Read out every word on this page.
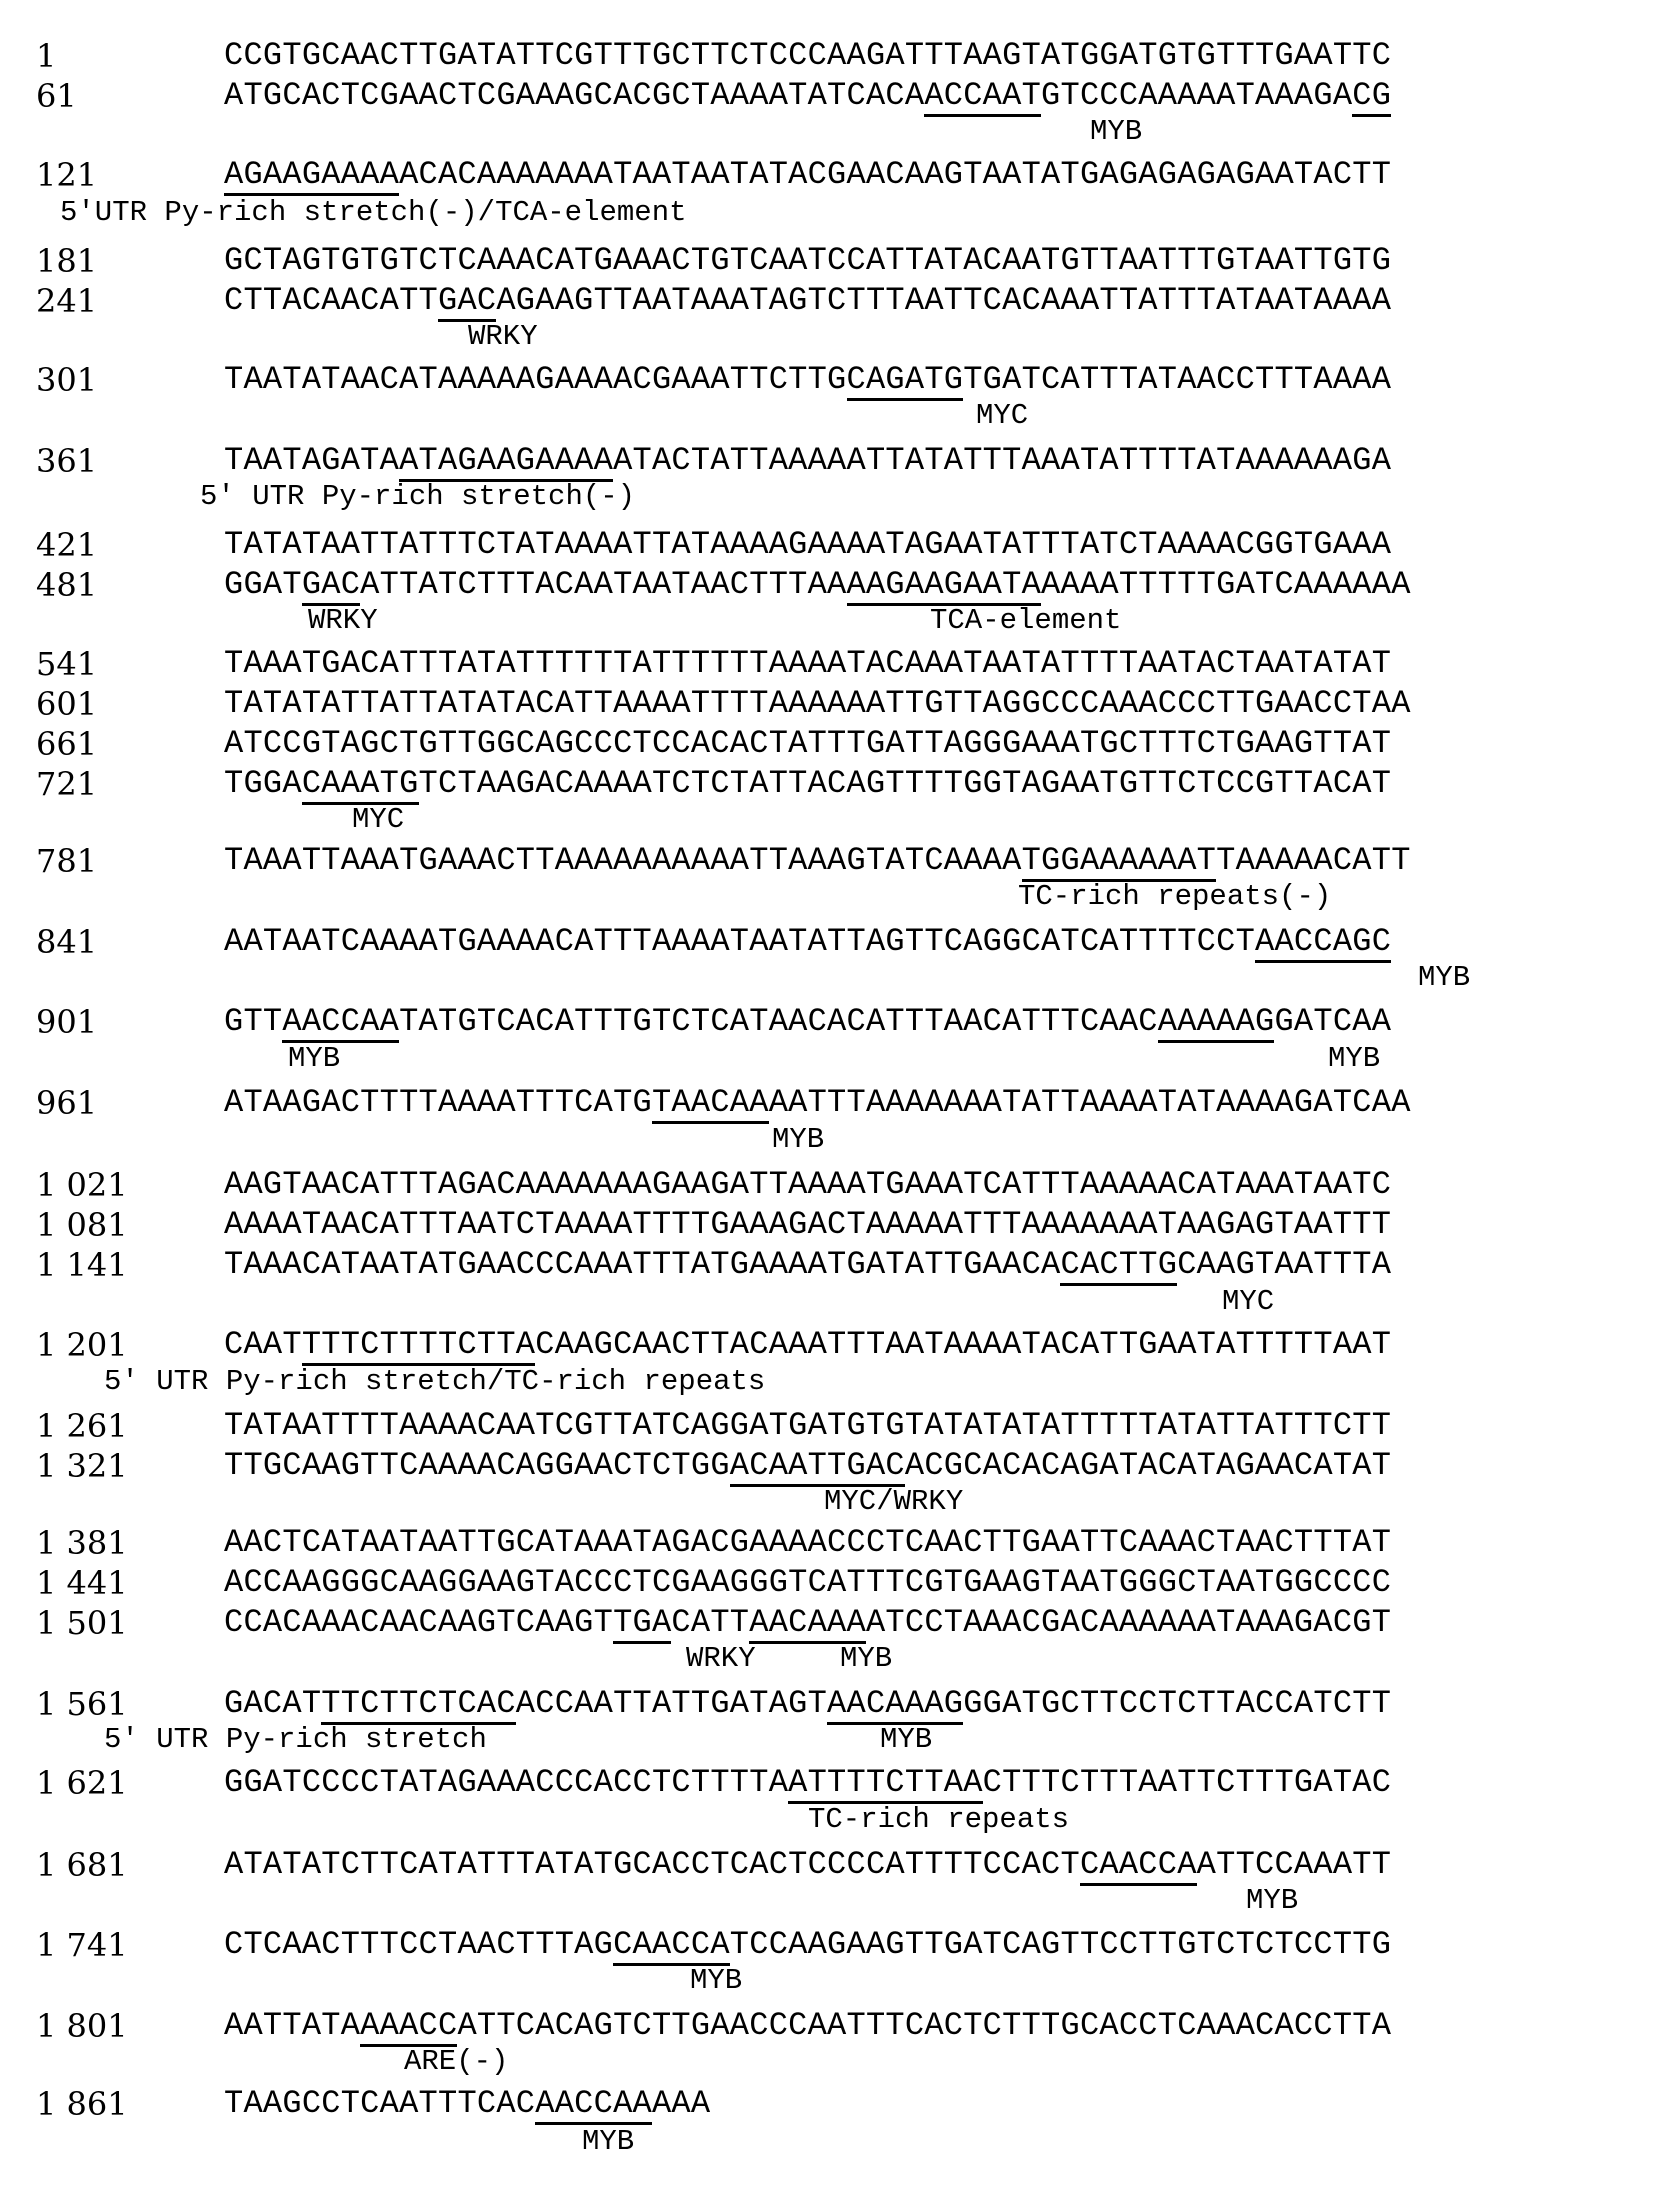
1	CCGTGCAACTTGATATTCGTTTGCTTCTCCCAAGATTTAAGTATGGATGTGTTTGAATTC
61	ATGCACTCGAACTCGAAAGCACGCTAAAATATCACAACCAATGTCCCAAAAATAAAGACG
121	AGAAGAAAAACACAAAAAAATAATAATATACGAACAAGTAATATGAGAGAGAGAATACTT
181	GCTAGTGTGTCTCAAACATGAAACTGTCAATCCATTATACAATGTTAATTTGTAATTGTG
241	CTTACAACATTGACAGAAGTTAATAAATAGTCTTTAATTCACAAATTATTTATAATAAAA
301	TAATATAACATAAAAAGAAAACGAAATTCTTGCAGATGTGATCATTTATAACCTTTAAAA
361	TAATAGATAATAGAAGAAAAATACTATTAAAAATTATATTTAAATATTTTATAAAAAAGA
421	TATATAATTATTTCTATAAAATTATAAAAGAAAATAGAATATTTATCTAAAACGGTGAAA
481	GGATGACATTATCTTTACAATAATAACTTTAAAAGAAGAATAAAAATTTTTGATCAAAAAA
541	TAAATGACATTTATATTTTTTATTTTTTAAAATACAAATAATATTTTAATACTAATATAT
601	TATATATTATTATATACATTAAAATTTTAAAAAATTGTTAGGCCCAAACCCTTGAACCTAA
661	ATCCGTAGCTGTTGGCAGCCCTCCACACTATTTGATTAGGGAAATGCTTTCTGAAGTTAT
721	TGGACAAATGTCTAAGACAAAATCTCTATTACAGTTTTGGTAGAATGTTCTCCGTTACAT
781	TAAATTAAATGAAACTTAAAAAAAAAATTAAAGTATCAAAATGGAAAAAATTAAAAACATT
841	AATAATCAAAATGAAAACATTTAAAATAATATTAGTTCAGGCATCATTTTCCTAACCAGC
901	GTTAACCAATATGTCACATTTGTCTCATAACACATTTAACATTTCAACAAAAAGGATCAA
961	ATAAGACTTTTAAAATTTCATGTAACAAAATTTAAAAAAATATTAAAATATAAAAGATCAA
1 021	AAGTAACATTTAGACAAAAAAAGAAGATTAAAATGAAATCATTTAAAAACATAAATAATC
1 081	AAAATAACATTTAATCTAAAATTTTGAAAGACTAAAAATTTAAAAAAATAAGAGTAATTT
1 141	TAAACATAATATGAACCCAAATTTATGAAAATGATATTGAACACACTTGCAAGTAATTTA
1 201	CAATTTTCTTTTCTTACAAGCAACTTACAAATTTAATAAAATACATTGAATATTTTTAAT
1 261	TATAATTTTAAAACAATCGTTATCAGGATGATGTGTATATATATTTTTATATTATTTCTT
1 321	TTGCAAGTTCAAAACAGGAACTCTGGACAATTGACACGCACACAGATACATAGAACATAT
1 381	AACTCATAATAATTGCATAAATAGACGAAAACCCTCAACTTGAATTCAAACTAACTTTAT
1 441	ACCAAGGGCAAGGAAGTACCCTCGAAGGGTCATTTCGTGAAGTAATGGGCTAATGGCCCC
1 501	CCACAAACAACAAGTCAAGTTGACATTAACAAAATCCTAAACGACAAAAAATAAAGACGT
1 561	GACATTTCTTCTCACACCAATTATTGATAGTAACAAAGGGATGCTTCCTCTTACCATCTT
1 621	GGATCCCCTATAGAAACCCACCTCTTTTAATTTTCTTAACTTTCTTTAATTCTTTGATAC
1 681	ATATATCTTCATATTTATATGCACCTCACTCCCCATTTTCCACTCAACCAATTCCAAATT
1 741	CTCAACTTTCCTAACTTTAGCAACCATCCAAGAAGTTGATCAGTTCCTTGTCTCTCCTTG
1 801	AATTATAAAACCATTCACAGTCTTGAACCCAATTTCACTCTTTGCACCTCAAACACCTTA
1 861	TAAGCCTCAATTTCACAACCAAAAA
MYB
5′UTR Py-rich stretch(-)/TCA-element
WRKY
MYC
5′ UTR Py-rich stretch(-)
WRKY	TCA-element
MYC
TC-rich repeats(-)
MYB
MYB	MYB
MYB
MYC
5′ UTR Py-rich stretch/TC-rich repeats
MYC/WRKY
WRKY	MYB
5′ UTR Py-rich stretch	MYB
TC-rich repeats
MYB
MYB
ARE(-)
MYB
